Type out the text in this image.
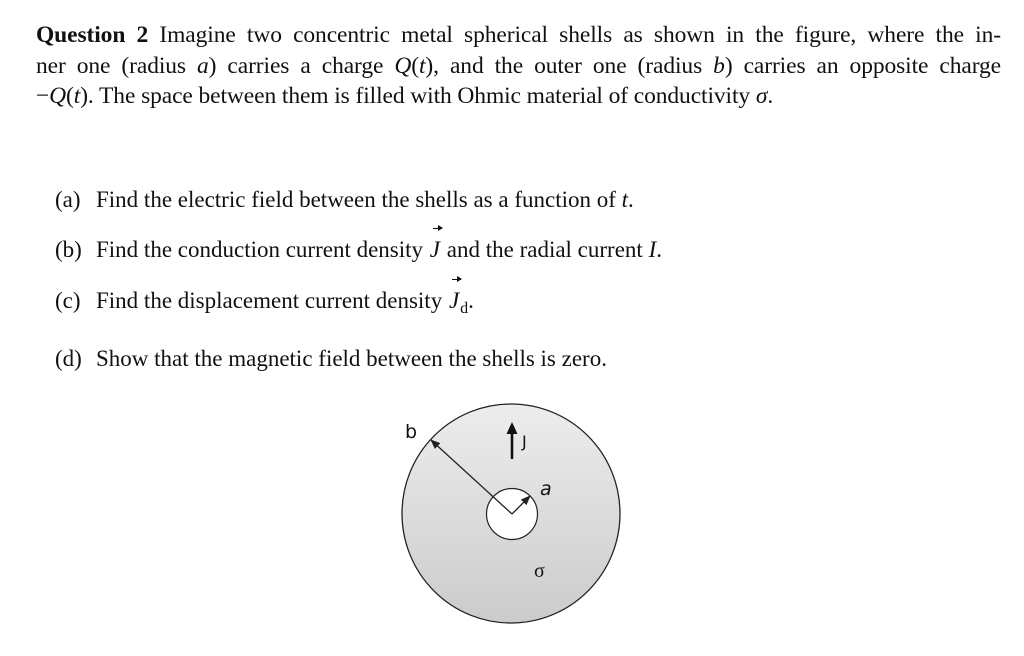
Question 2 Imagine two concentric metal spherical shells as shown in the figure, where the in-
ner one (radius a) carries a charge Q(t), and the outer one (radius b) carries an opposite charge
−Q(t). The space between them is filled with Ohmic material of conductivity σ.
(a) Find the electric field between the shells as a function of t.
(b) Find the conduction current density J and the radial current I.
(c) Find the displacement current density $J_d$.
(d) Show that the magnetic field between the shells is zero.
b	J
a
σ
